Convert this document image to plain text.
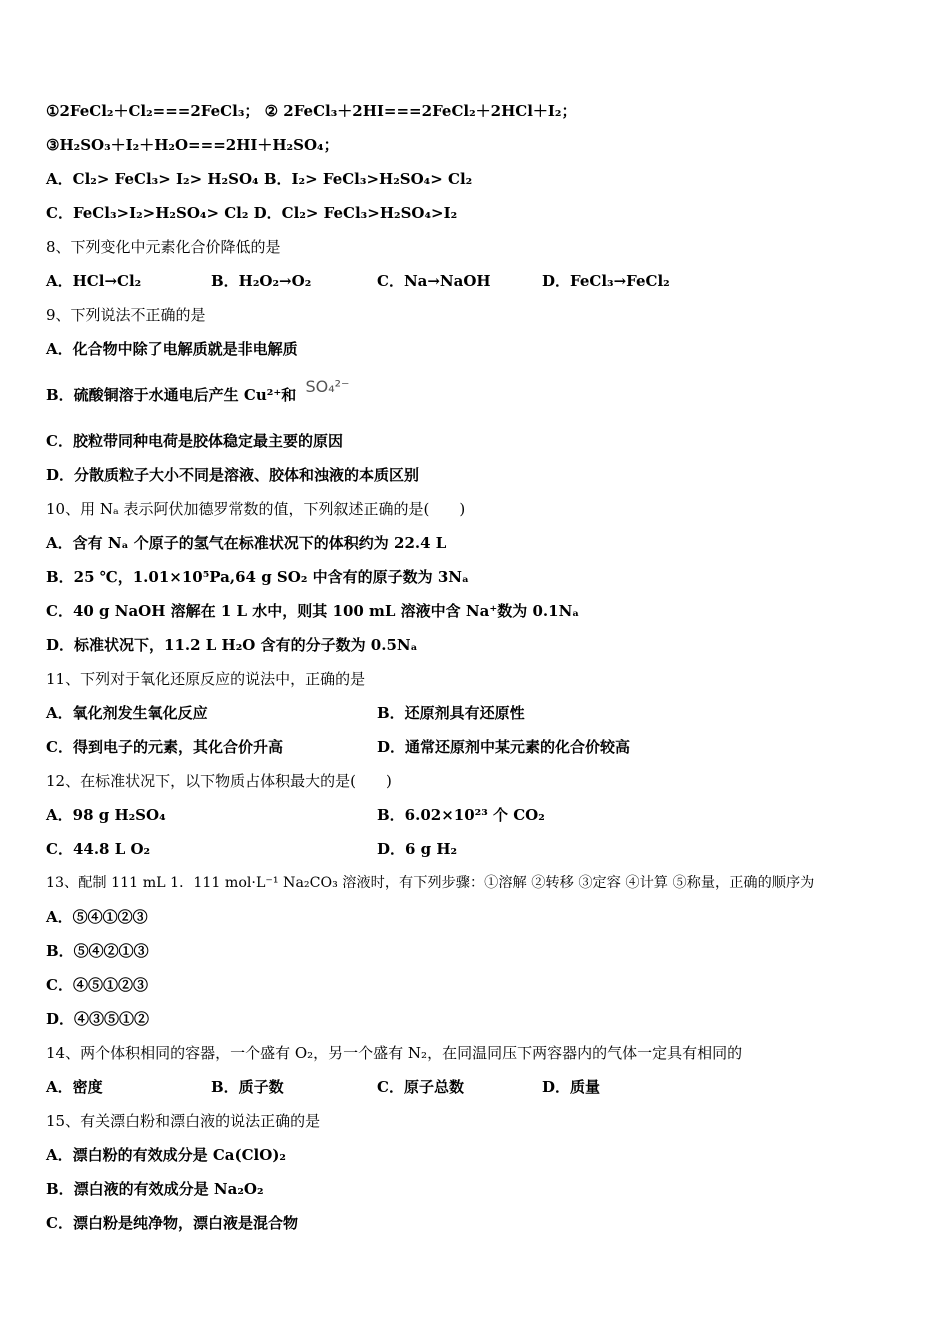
①2FeCl₂＋Cl₂===2FeCl₃； ② 2FeCl₃＋2HI===2FeCl₂＋2HCl＋I₂；
③H₂SO₃＋I₂＋H₂O===2HI＋H₂SO₄；
A．Cl₂> FeCl₃> I₂> H₂SO₄ B．I₂> FeCl₃>H₂SO₄> Cl₂
C．FeCl₃>I₂>H₂SO₄> Cl₂ D．Cl₂> FeCl₃>H₂SO₄>I₂
8、下列变化中元素化合价降低的是
A．HCl→Cl₂	B．H₂O₂→O₂	C．Na→NaOH	D．FeCl₃→FeCl₂
9、下列说法不正确的是
A．化合物中除了电解质就是非电解质
B．硫酸铜溶于水通电后产生 Cu²⁺和 SO₄²⁻
C．胶粒带同种电荷是胶体稳定最主要的原因
D．分散质粒子大小不同是溶液、胶体和浊液的本质区别
10、用 Nₐ 表示阿伏加德罗常数的值，下列叙述正确的是(　　)
A．含有 Nₐ 个原子的氢气在标准状况下的体积约为 22.4 L
B．25 ℃，1.01×10⁵Pa,64 g SO₂ 中含有的原子数为 3Nₐ
C．40 g NaOH 溶解在 1 L 水中，则其 100 mL 溶液中含 Na⁺数为 0.1Nₐ
D．标准状况下，11.2 L H₂O 含有的分子数为 0.5Nₐ
11、下列对于氧化还原反应的说法中，正确的是
A．氧化剂发生氧化反应	B．还原剂具有还原性
C．得到电子的元素，其化合价升高	D．通常还原剂中某元素的化合价较高
12、在标准状况下，以下物质占体积最大的是(　　)
A．98 g H₂SO₄	B．6.02×10²³ 个 CO₂
C．44.8 L O₂	D．6 g H₂
13、配制 111 mL 1．111 mol·L⁻¹ Na₂CO₃ 溶液时，有下列步骤：①溶解 ②转移 ③定容 ④计算 ⑤称量，正确的顺序为
A．⑤④①②③
B．⑤④②①③
C．④⑤①②③
D．④③⑤①②
14、两个体积相同的容器，一个盛有 O₂，另一个盛有 N₂，在同温同压下两容器内的气体一定具有相同的
A．密度	B．质子数	C．原子总数	D．质量
15、有关漂白粉和漂白液的说法正确的是
A．漂白粉的有效成分是 Ca(ClO)₂
B．漂白液的有效成分是 Na₂O₂
C．漂白粉是纯净物，漂白液是混合物
